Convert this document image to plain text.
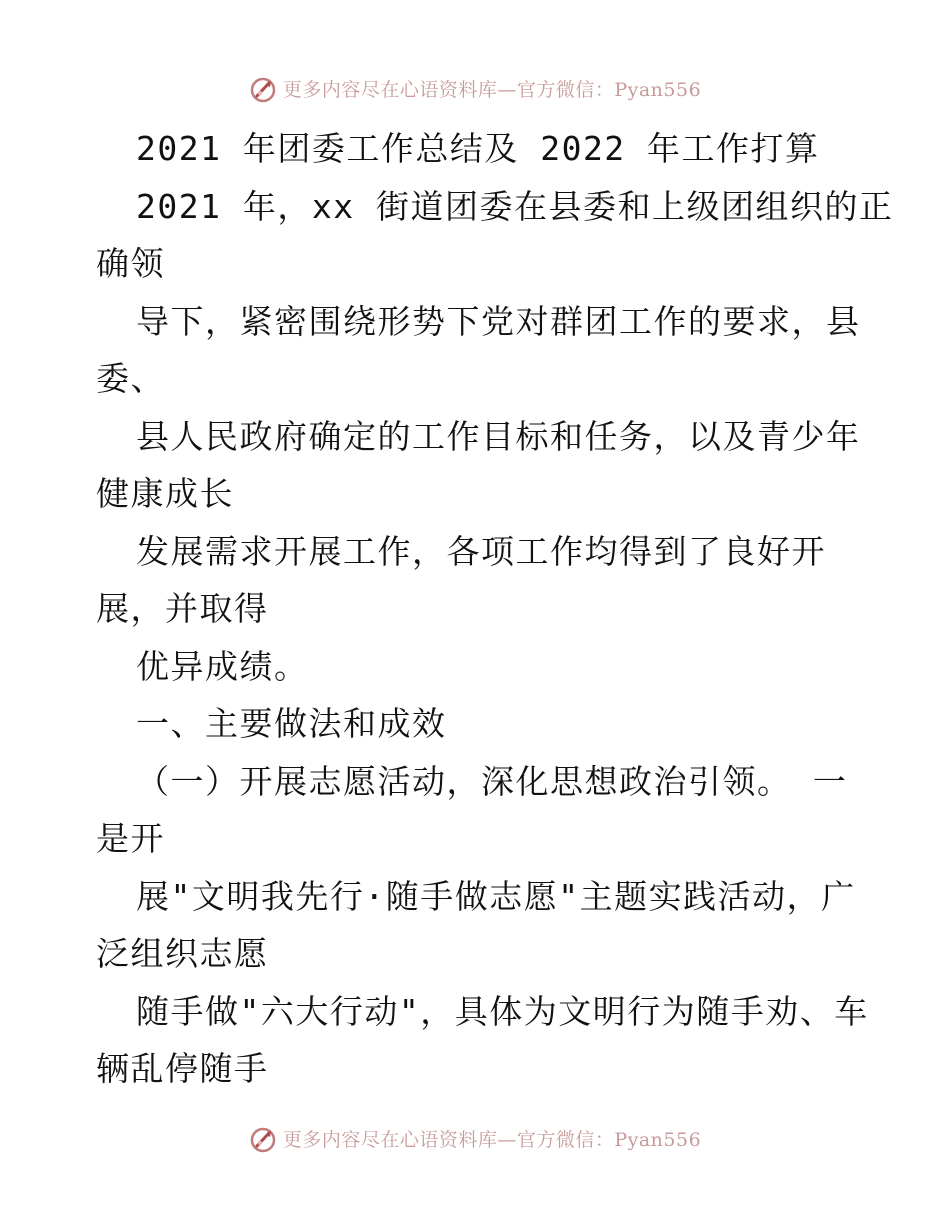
更多内容尽在心语资料库—官方微信：Pyan556
2021 年团委工作总结及 2022 年工作打算
2021 年，xx 街道团委在县委和上级团组织的正
确领
导下，紧密围绕形势下党对群团工作的要求，县
委、
县人民政府确定的工作目标和任务，以及青少年
健康成长
发展需求开展工作，各项工作均得到了良好开
展，并取得
优异成绩。
一、主要做法和成效
（一）开展志愿活动，深化思想政治引领。 一
是开
展"文明我先行·随手做志愿"主题实践活动，广
泛组织志愿
随手做"六大行动"，具体为文明行为随手劝、车
辆乱停随手
更多内容尽在心语资料库—官方微信：Pyan556
